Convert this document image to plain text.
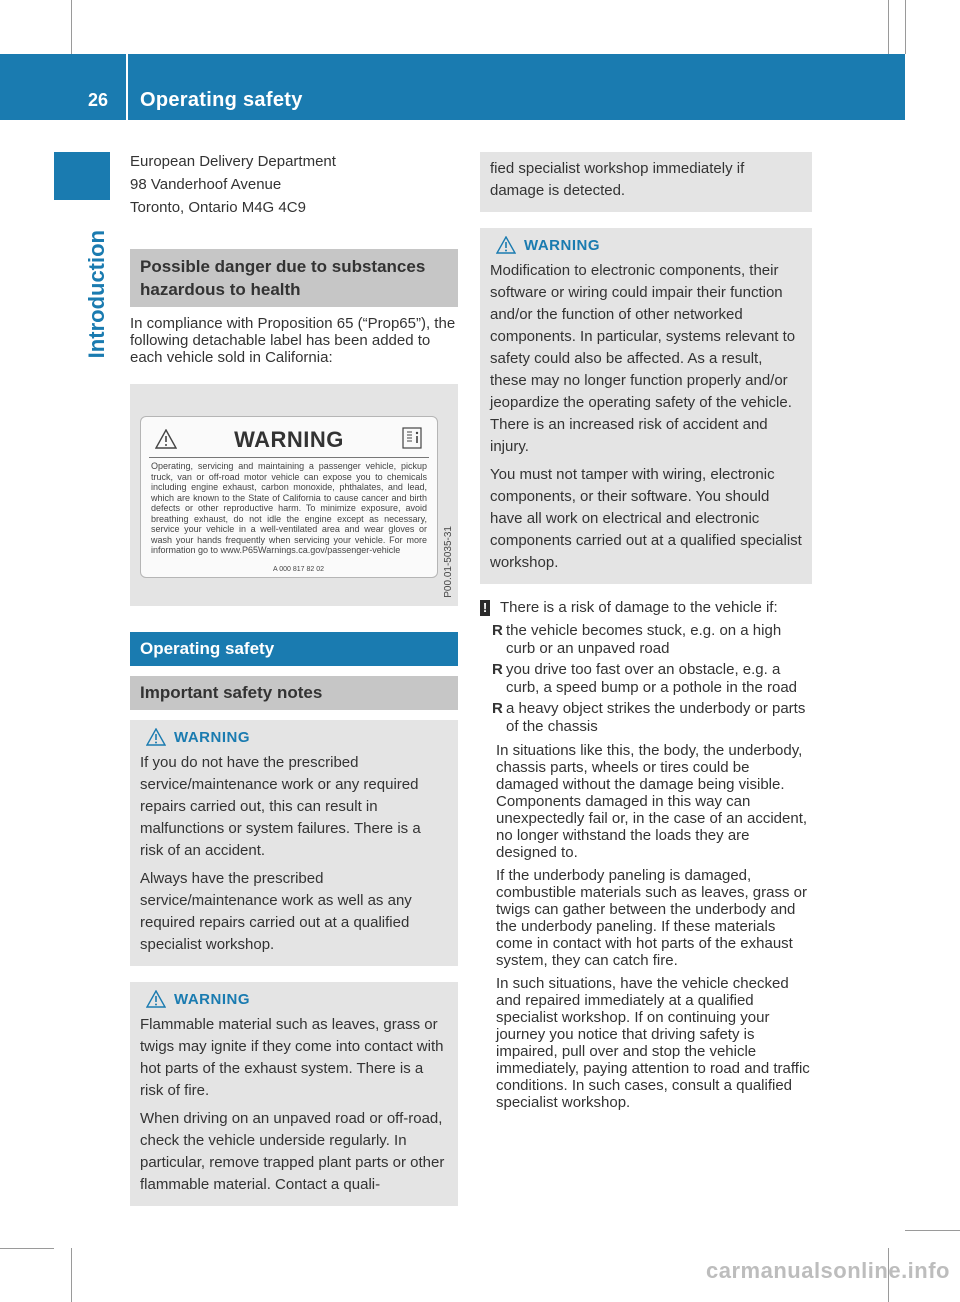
26	Operating safety
Introduction
European Delivery Department
98 Vanderhoof Avenue
Toronto, Ontario M4G 4C9
Possible danger due to substances
hazardous to health

In compliance with Proposition 65 (“Prop65”), the following detachable label has been added to each vehicle sold in California:

WARNING
Operating, servicing and maintaining a passenger vehicle, pickup truck, van or off-road motor vehicle can expose you to chemicals including engine exhaust, carbon monoxide, phthalates, and lead, which are known to the State of California to cause cancer and birth defects or other reproductive harm. To minimize exposure, avoid breathing exhaust, do not idle the engine except as necessary, service your vehicle in a well-ventilated area and wear gloves or wash your hands frequently when servicing your vehicle. For more information go to www.P65Warnings.ca.gov/passenger-vehicle
A 000 817 82 02	P00.01-5035-31
Operating safety
Important safety notes
WARNING

If you do not have the prescribed service/maintenance work or any required repairs carried out, this can result in malfunctions or system failures. There is a risk of an accident.

Always have the prescribed service/maintenance work as well as any required repairs carried out at a qualified specialist workshop.

WARNING

Flammable material such as leaves, grass or twigs may ignite if they come into contact with hot parts of the exhaust system. There is a risk of fire.

When driving on an unpaved road or off-road, check the vehicle underside regularly. In particular, remove trapped plant parts or other flammable material. Contact a quali-

fied specialist workshop immediately if damage is detected.

WARNING

Modification to electronic components, their software or wiring could impair their function and/or the function of other networked components. In particular, systems relevant to safety could also be affected. As a result, these may no longer function properly and/or jeopardize the operating safety of the vehicle. There is an increased risk of accident and injury.

You must not tamper with wiring, electronic components, or their software. You should have all work on electrical and electronic components carried out at a qualified specialist workshop.

! There is a risk of damage to the vehicle if:
R the vehicle becomes stuck, e.g. on a high curb or an unpaved road
R you drive too fast over an obstacle, e.g. a curb, a speed bump or a pothole in the road
R a heavy object strikes the underbody or parts of the chassis

In situations like this, the body, the underbody, chassis parts, wheels or tires could be damaged without the damage being visible. Components damaged in this way can unexpectedly fail or, in the case of an accident, no longer withstand the loads they are designed to.

If the underbody paneling is damaged, combustible materials such as leaves, grass or twigs can gather between the underbody and the underbody paneling. If these materials come in contact with hot parts of the exhaust system, they can catch fire.

In such situations, have the vehicle checked and repaired immediately at a qualified specialist workshop. If on continuing your journey you notice that driving safety is impaired, pull over and stop the vehicle immediately, paying attention to road and traffic conditions. In such cases, consult a qualified specialist workshop.

carmanualsonline.info
